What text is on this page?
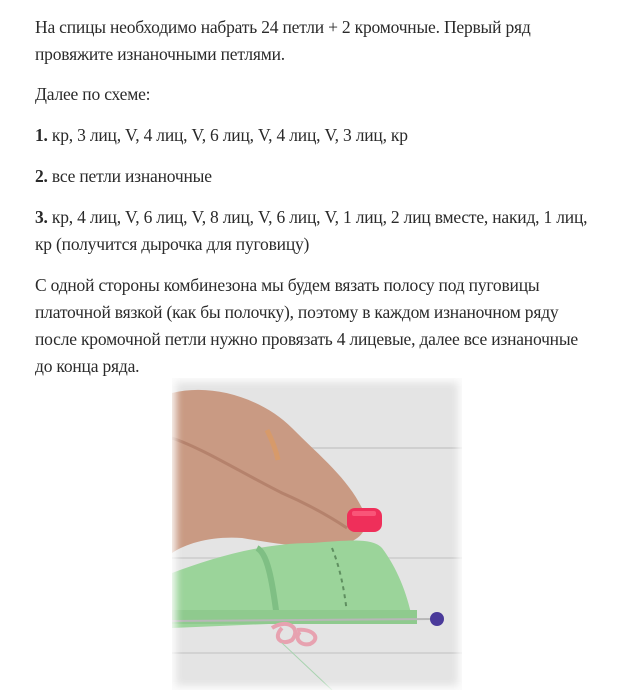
На спицы необходимо набрать 24 петли + 2 кромочные. Первый ряд провяжите изнаночными петлями.

Далее по схеме:

1. кр, 3 лиц, V, 4 лиц, V, 6 лиц, V, 4 лиц, V, 3 лиц, кр

2. все петли изнаночные

3. кр, 4 лиц, V, 6 лиц, V, 8 лиц, V, 6 лиц, V, 1 лиц, 2 лиц вместе, накид, 1 лиц, кр (получится дырочка для пуговицу)

С одной стороны комбинезона мы будем вязать полосу под пуговицы платочной вязкой (как бы полочку), поэтому в каждом изнаночном ряду после кромочной петли нужно провязать 4 лицевые, далее все изнаночные до конца ряда.
